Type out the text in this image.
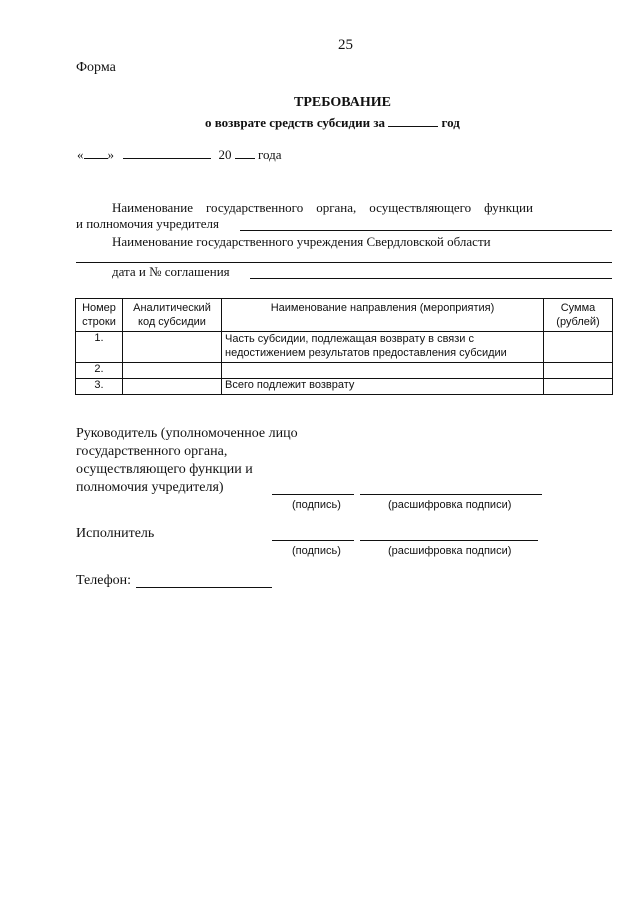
25
Форма
ТРЕБОВАНИЕ
о возврате средств субсидии за	год
« »	20 года
Наименование    государственного    органа,    осуществляющего    функции
и полномочия учредителя
Наименование государственного учреждения Свердловской области
дата и № соглашения
Номер строки	Аналитический код субсидии	Наименование направления (мероприятия)	Сумма (рублей)
1.		Часть субсидии, подлежащая возврату в связи с недостижением результатов предоставления субсидии	
2.			
3.		Всего подлежит возврату	
Руководитель (уполномоченное лицо
государственного органа,
осуществляющего функции и
полномочия учредителя)
(подпись)	(расшифровка подписи)
Исполнитель
(подпись)	(расшифровка подписи)
Телефон:
